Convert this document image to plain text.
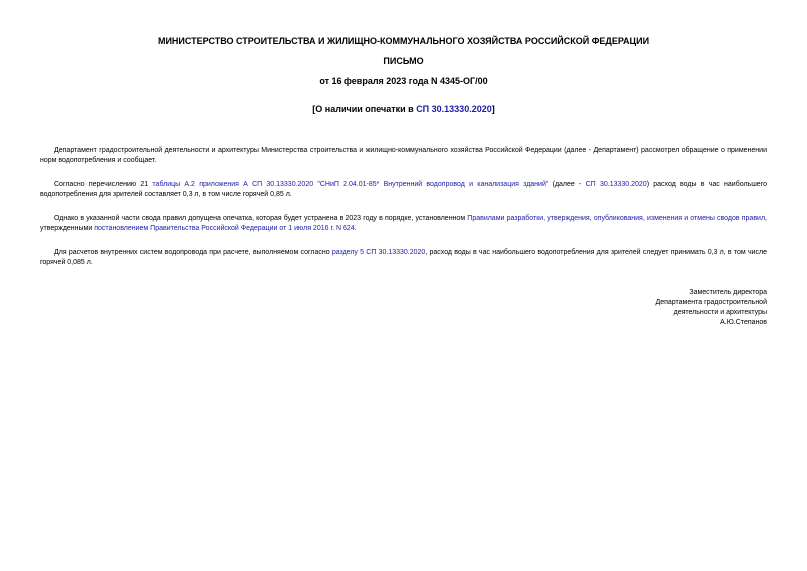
МИНИСТЕРСТВО СТРОИТЕЛЬСТВА И ЖИЛИЩНО-КОММУНАЛЬНОГО ХОЗЯЙСТВА РОССИЙСКОЙ ФЕДЕРАЦИИ
ПИСЬМО
от 16 февраля 2023 года N 4345-ОГ/00
[О наличии опечатки в СП 30.13330.2020]

Департамент градостроительной деятельности и архитектуры Министерства строительства и жилищно-коммунального хозяйства Российской Федерации (далее - Департамент) рассмотрел обращение о применении норм водопотребления и сообщает.

Согласно перечислению 21 таблицы А.2 приложения А СП 30.13330.2020 "СНиП 2.04.01-85* Внутренний водопровод и канализация зданий" (далее - СП 30.13330.2020) расход воды в час наибольшего водопотребления для зрителей составляет 0,3 л, в том числе горячей 0,85 л.

Однако в указанной части свода правил допущена опечатка, которая будет устранена в 2023 году в порядке, установленном Правилами разработки, утверждения, опубликования, изменения и отмены сводов правил, утвержденными постановлением Правительства Российской Федерации от 1 июля 2016 г. N 624.

Для расчетов внутренних систем водопровода при расчете, выполняемом согласно разделу 5 СП 30.13330.2020, расход воды в час наибольшего водопотребления для зрителей следует принимать 0,3 л, в том числе горячей 0,085 л.

Заместитель директора
Департамента градостроительной
деятельности и архитектуры
А.Ю.Степанов
